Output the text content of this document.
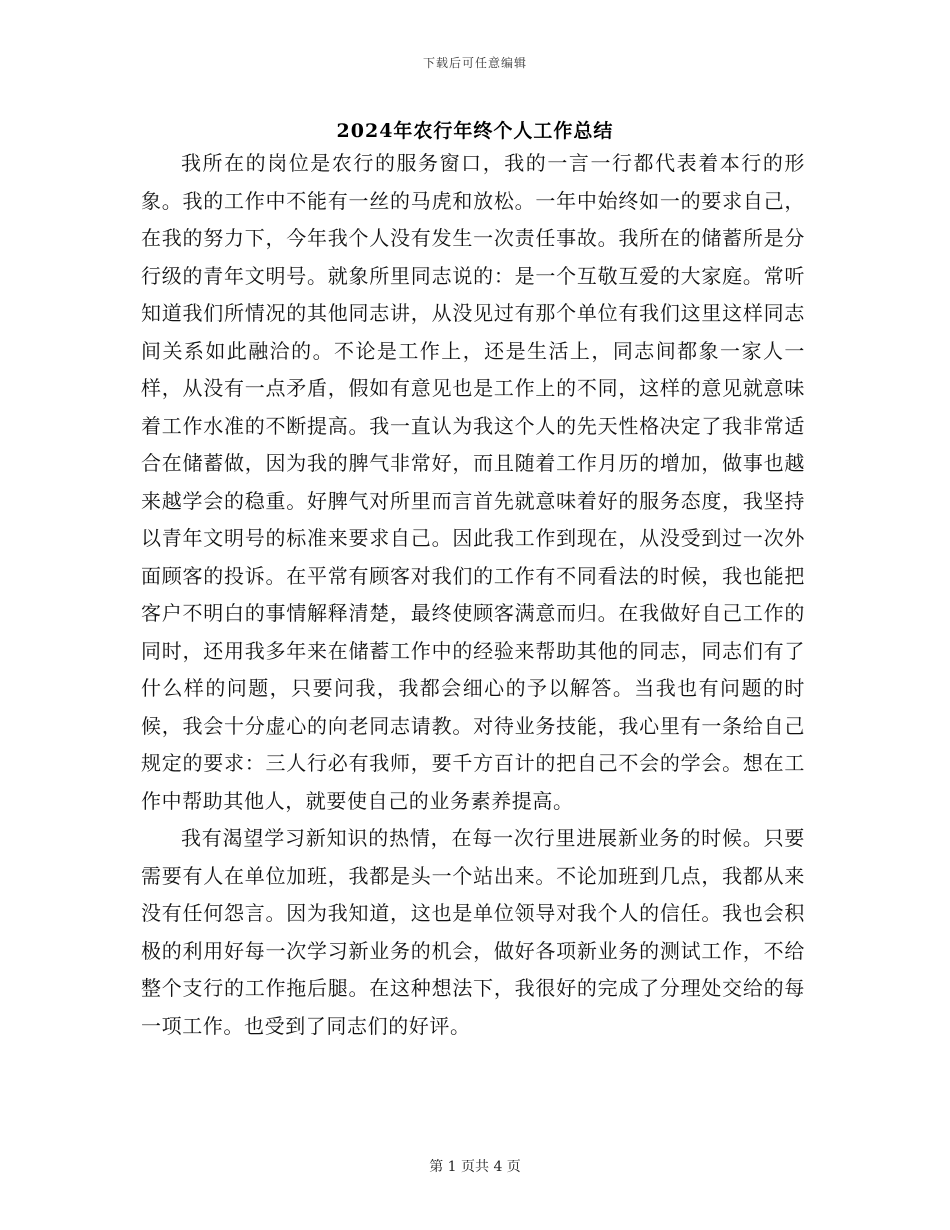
下载后可任意编辑
2024年农行年终个人工作总结

我所在的岗位是农行的服务窗口，我的一言一行都代表着本行的形象。我的工作中不能有一丝的马虎和放松。一年中始终如一的要求自己，在我的努力下，今年我个人没有发生一次责任事故。我所在的储蓄所是分行级的青年文明号。就象所里同志说的：是一个互敬互爱的大家庭。常听知道我们所情况的其他同志讲，从没见过有那个单位有我们这里这样同志间关系如此融洽的。不论是工作上，还是生活上，同志间都象一家人一样，从没有一点矛盾，假如有意见也是工作上的不同，这样的意见就意味着工作水准的不断提高。我一直认为我这个人的先天性格决定了我非常适合在储蓄做，因为我的脾气非常好，而且随着工作月历的增加，做事也越来越学会的稳重。好脾气对所里而言首先就意味着好的服务态度，我坚持以青年文明号的标准来要求自己。因此我工作到现在，从没受到过一次外面顾客的投诉。在平常有顾客对我们的工作有不同看法的时候，我也能把客户不明白的事情解释清楚，最终使顾客满意而归。在我做好自己工作的同时，还用我多年来在储蓄工作中的经验来帮助其他的同志，同志们有了什么样的问题，只要问我，我都会细心的予以解答。当我也有问题的时候，我会十分虚心的向老同志请教。对待业务技能，我心里有一条给自己规定的要求：三人行必有我师，要千方百计的把自己不会的学会。想在工作中帮助其他人，就要使自己的业务素养提高。

我有渴望学习新知识的热情，在每一次行里进展新业务的时候。只要需要有人在单位加班，我都是头一个站出来。不论加班到几点，我都从来没有任何怨言。因为我知道，这也是单位领导对我个人的信任。我也会积极的利用好每一次学习新业务的机会，做好各项新业务的测试工作，不给整个支行的工作拖后腿。在这种想法下，我很好的完成了分理处交给的每一项工作。也受到了同志们的好评。

第 1 页共 4 页
